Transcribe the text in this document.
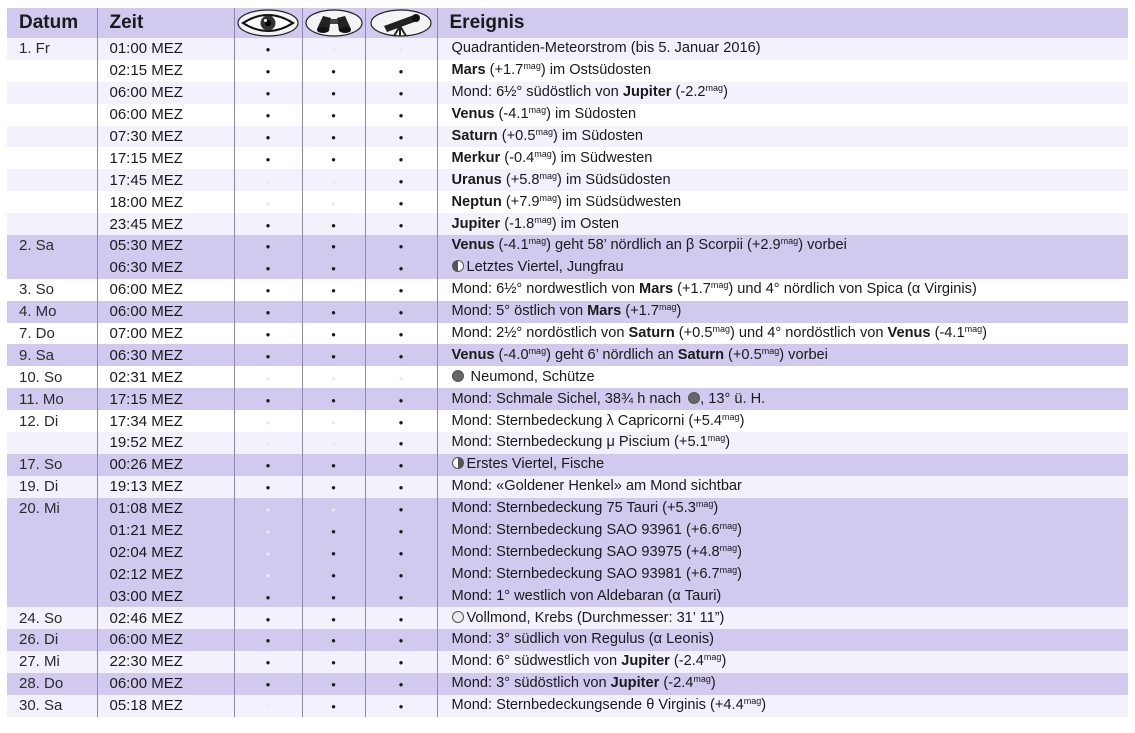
Datum	Zeit				Ereignis
1. Fr	01:00 MEZ	●	●	●	Quadrantiden-Meteorstrom (bis 5. Januar 2016)
	02:15 MEZ	●	●	●	Mars $(+1.7^{mag})$ im Ostsüdosten
	06:00 MEZ	●	●	●	Mond: 6½° südöstlich von Jupiter $(-2.2^{mag})$
	06:00 MEZ	●	●	●	Venus $(-4.1^{mag})$ im Südosten
	07:30 MEZ	●	●	●	Saturn $(+0.5^{mag})$ im Südosten
	17:15 MEZ	●	●	●	Merkur $(-0.4^{mag})$ im Südwesten
	17:45 MEZ	●	●	●	Uranus $(+5.8^{mag})$ im Südsüdosten
	18:00 MEZ	●	●	●	Neptun $(+7.9^{mag})$ im Südsüdwesten
	23:45 MEZ	●	●	●	Jupiter $(-1.8^{mag})$ im Osten
2. Sa	05:30 MEZ	●	●	●	Venus $(-4.1^{mag})$ geht 58’ nördlich an β Scorpii $(+2.9^{mag})$ vorbei
	06:30 MEZ	●	●	●	Letztes Viertel, Jungfrau
3. So	06:00 MEZ	●	●	●	Mond: 6½° nordwestlich von Mars $(+1.7^{mag})$ und 4° nördlich von Spica (α Virginis)
4. Mo	06:00 MEZ	●	●	●	Mond: 5° östlich von Mars $(+1.7^{mag})$
7. Do	07:00 MEZ	●	●	●	Mond: 2½° nordöstlich von Saturn $(+0.5^{mag})$ und 4° nordöstlich von Venus $(-4.1^{mag})$
9. Sa	06:30 MEZ	●	●	●	Venus $(-4.0^{mag})$ geht 6’ nördlich an Saturn $(+0.5^{mag})$ vorbei
10. So	02:31 MEZ	●	●	●	Neumond, Schütze
11. Mo	17:15 MEZ	●	●	●	Mond: Schmale Sichel, 38¾ h nach , 13° ü. H.
12. Di	17:34 MEZ	●	●	●	Mond: Sternbedeckung λ Capricorni $(+5.4^{mag})$
	19:52 MEZ	●	●	●	Mond: Sternbedeckung μ Piscium $(+5.1^{mag})$
17. So	00:26 MEZ	●	●	●	Erstes Viertel, Fische
19. Di	19:13 MEZ	●	●	●	Mond: «Goldener Henkel» am Mond sichtbar
20. Mi	01:08 MEZ	●	●	●	Mond: Sternbedeckung 75 Tauri $(+5.3^{mag})$
	01:21 MEZ	●	●	●	Mond: Sternbedeckung SAO 93961 $(+6.6^{mag})$
	02:04 MEZ	●	●	●	Mond: Sternbedeckung SAO 93975 $(+4.8^{mag})$
	02:12 MEZ	●	●	●	Mond: Sternbedeckung SAO 93981 $(+6.7^{mag})$
	03:00 MEZ	●	●	●	Mond: 1° westlich von Aldebaran (α Tauri)
24. So	02:46 MEZ	●	●	●	Vollmond, Krebs (Durchmesser: 31’ 11”)
26. Di	06:00 MEZ	●	●	●	Mond: 3° südlich von Regulus (α Leonis)
27. Mi	22:30 MEZ	●	●	●	Mond: 6° südwestlich von Jupiter $(-2.4^{mag})$
28. Do	06:00 MEZ	●	●	●	Mond: 3° südöstlich von Jupiter $(-2.4^{mag})$
30. Sa	05:18 MEZ	●	●	●	Mond: Sternbedeckungsende θ Virginis $(+4.4^{mag})$
